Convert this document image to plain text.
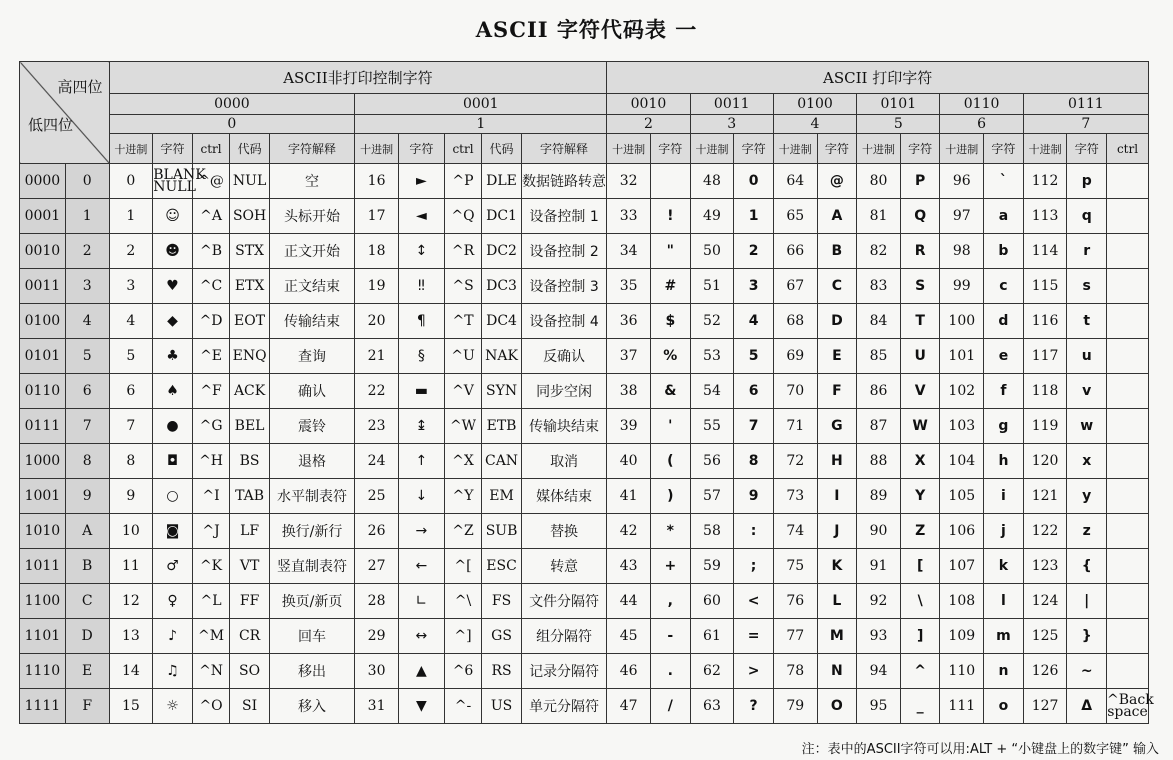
ASCII 字符代码表 一
高四位
低四位		ASCII非打印控制字符										ASCII 打印字符												
		0000					0001					0010		0011		0100		0101		0110		0111		
		0					1					2		3		4		5		6		7		
		十进制	字符	ctrl	代码	字符解释	十进制	字符	ctrl	代码	字符解释	十进制	字符	十进制	字符	十进制	字符	十进制	字符	十进制	字符	十进制	字符	ctrl
0000	0	0	BLANK NULL	^@	NUL	空	16	►	^P	DLE	数据链路转意	32		48	0	64	@	80	P	96	`	112	p	
0001	1	1	☺	^A	SOH	头标开始	17	◄	^Q	DC1	设备控制 1	33	!	49	1	65	A	81	Q	97	a	113	q	
0010	2	2	☻	^B	STX	正文开始	18	↕	^R	DC2	设备控制 2	34	"	50	2	66	B	82	R	98	b	114	r	
0011	3	3	♥	^C	ETX	正文结束	19	‼	^S	DC3	设备控制 3	35	#	51	3	67	C	83	S	99	c	115	s	
0100	4	4	◆	^D	EOT	传输结束	20	¶	^T	DC4	设备控制 4	36	$	52	4	68	D	84	T	100	d	116	t	
0101	5	5	♣	^E	ENQ	查询	21	§	^U	NAK	反确认	37	%	53	5	69	E	85	U	101	e	117	u	
0110	6	6	♠	^F	ACK	确认	22	▬	^V	SYN	同步空闲	38	&	54	6	70	F	86	V	102	f	118	v	
0111	7	7	●	^G	BEL	震铃	23	↨	^W	ETB	传输块结束	39	'	55	7	71	G	87	W	103	g	119	w	
1000	8	8	◘	^H	BS	退格	24	↑	^X	CAN	取消	40	(	56	8	72	H	88	X	104	h	120	x	
1001	9	9	○	^I	TAB	水平制表符	25	↓	^Y	EM	媒体结束	41	)	57	9	73	I	89	Y	105	i	121	y	
1010	A	10	◙	^J	LF	换行/新行	26	→	^Z	SUB	替换	42	*	58	:	74	J	90	Z	106	j	122	z	
1011	B	11	♂	^K	VT	竖直制表符	27	←	^[	ESC	转意	43	+	59	;	75	K	91	[	107	k	123	{	
1100	C	12	♀	^L	FF	换页/新页	28	∟	^\	FS	文件分隔符	44	,	60	<	76	L	92	\	108	l	124	|	
1101	D	13	♪	^M	CR	回车	29	↔	^]	GS	组分隔符	45	-	61	=	77	M	93	]	109	m	125	}	
1110	E	14	♫	^N	SO	移出	30	▲	^6	RS	记录分隔符	46	.	62	>	78	N	94	^	110	n	126	~	
1111	F	15	☼	^O	SI	移入	31	▼	^-	US	单元分隔符	47	/	63	?	79	O	95	_	111	o	127	Δ	^Back space
注：表中的ASCII字符可以用:ALT + “小键盘上的数字键” 输入
